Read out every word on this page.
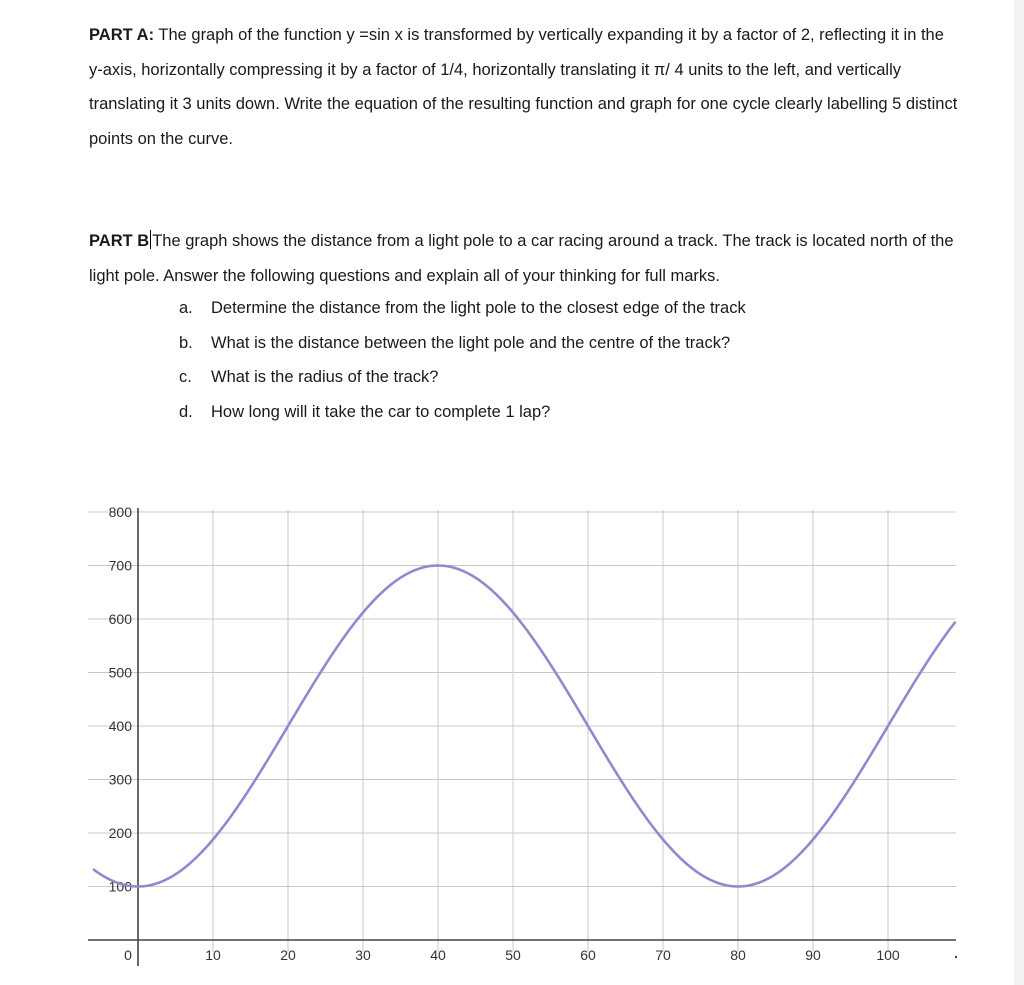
PART A: The graph of the function y =sin x is transformed by vertically expanding it by a factor of 2, reflecting it in the y-axis, horizontally compressing it by a factor of 1/4, horizontally translating it π/ 4 units to the left, and vertically translating it 3 units down. Write the equation of the resulting function and graph for one cycle clearly labelling 5 distinct points on the curve.
PART B The graph shows the distance from a light pole to a car racing around a track. The track is located north of the light pole. Answer the following questions and explain all of your thinking for full marks.
a.	Determine the distance from the light pole to the closest edge of the track
b.	What is the distance between the light pole and the centre of the track?
c.	What is the radius of the track?
d.	How long will it take the car to complete 1 lap?
100
200
300
400
500
600
700
800
0	10	20	30	40	50	60	70	80	90	100
